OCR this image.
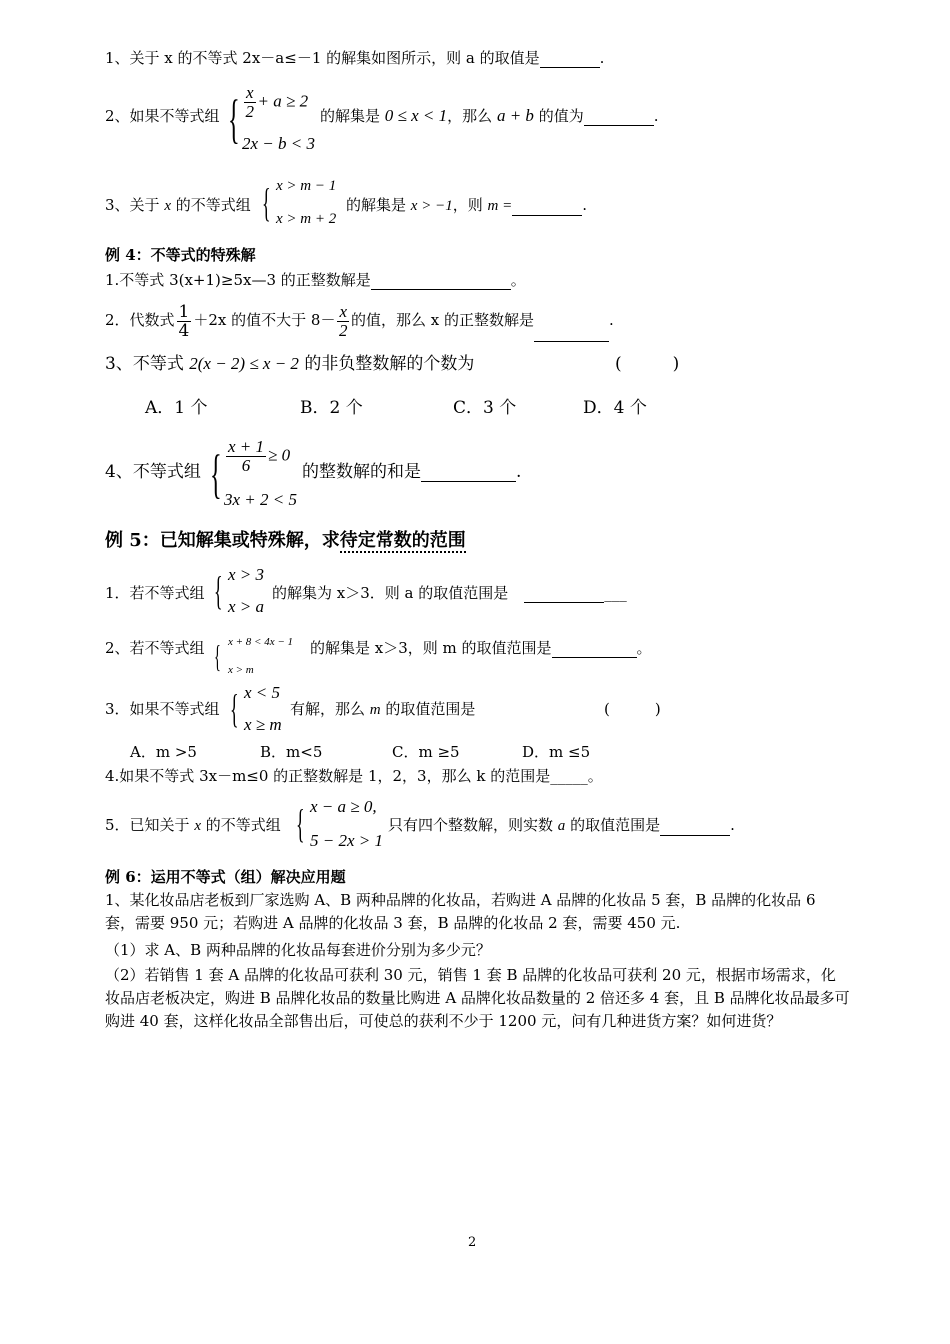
1、关于 x 的不等式 2x－a≤－1 的解集如图所示，则 a 的取值是	.
2、如果不等式组 { $\frac{x}{2} + a \ge 2$
2x − b < 3
的解集是 0 ≤ x < 1，那么 a + b 的值为	.
3、关于 x 的不等式组 { x > m − 1
x > m + 2
的解集是 x > −1，则 m =	.
例 4：不等式的特殊解
1.不等式 3(x+1)≥5x—3 的正整数解是	。
2．代数式 $\frac{1}{4} +2x$ 的值不大于 $8- \frac{x}{2}$ 的值，那么 x 的正整数解是	.
3、不等式 2(x − 2) ≤ x − 2 的非负整数解的个数为	(　　　)
A．1 个	B．2 个	C．3 个	D．4 个
4、不等式组 { $\frac{x + 1}{6} \ge 0$
3x + 2 < 5
的整数解的和是	.
例 5：已知解集或特殊解，求待定常数的范围
1．若不等式组 { x > 3
x > a
的解集为 x＞3．则 a 的取值范围是	___
2、若不等式组 { x + 8 < 4x − 1
x > m
的解集是 x＞3，则 m 的取值范围是	。
3．如果不等式组 { x < 5
x ≥ m
有解，那么 m 的取值范围是	(　　　)
A．m >5	B．m<5	C．m ≥5	D．m ≤5
4.如果不等式 3x－m≤0 的正整数解是 1，2，3，那么 k 的范围是_____。
5．已知关于 x 的不等式组 { x − a ≥ 0,
5 − 2x > 1
只有四个整数解，则实数 a 的取值范围是	.
例 6：运用不等式（组）解决应用题
1、某化妆品店老板到厂家选购 A、B 两种品牌的化妆品，若购进 A 品牌的化妆品 5 套，B 品牌的化妆品 6 套，需要 950 元；若购进 A 品牌的化妆品 3 套，B 品牌的化妆品 2 套，需要 450 元.
（1）求 A、B 两种品牌的化妆品每套进价分别为多少元？
（2）若销售 1 套 A 品牌的化妆品可获利 30 元，销售 1 套 B 品牌的化妆品可获利 20 元，根据市场需求，化妆品店老板决定，购进 B 品牌化妆品的数量比购进 A 品牌化妆品数量的 2 倍还多 4 套，且 B 品牌化妆品最多可购进 40 套，这样化妆品全部售出后，可使总的获利不少于 1200 元，问有几种进货方案？如何进货？
2
